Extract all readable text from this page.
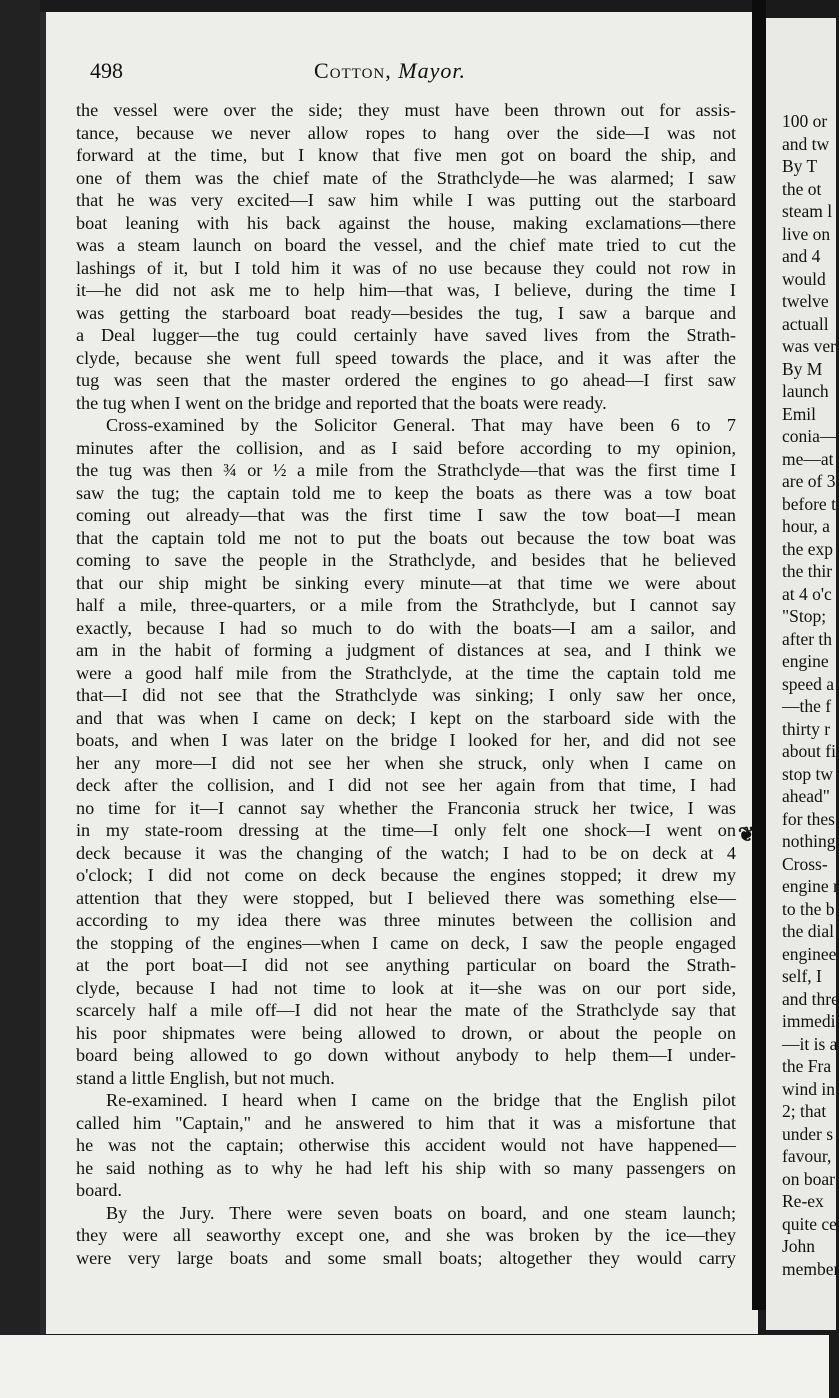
100 or
and tw
By T
the ot
steam l
live on
and 4
would
twelve
actuall
was ver
By M
launch
Emil
conia—
me—at
are of 3
before t
hour, a
the exp
the thir
at 4 o'c
"Stop;
after th
engine
speed a
—the f
thirty r
about fi
stop tw
ahead"
for thes
nothing
Cross-
engine r
to the b
the dial
enginee
self, I
and thre
immedi
—it is a
the Fra
wind in
2; that
under s
favour,
on boar
Re-ex
quite ce
John
member
498	Cotton, Mayor.
the vessel were over the side; they must have been thrown out for assis-
tance, because we never allow ropes to hang over the side—I was not
forward at the time, but I know that five men got on board the ship, and
one of them was the chief mate of the Strathclyde—he was alarmed; I saw
that he was very excited—I saw him while I was putting out the starboard
boat leaning with his back against the house, making exclamations—there
was a steam launch on board the vessel, and the chief mate tried to cut the
lashings of it, but I told him it was of no use because they could not row in
it—he did not ask me to help him—that was, I believe, during the time I
was getting the starboard boat ready—besides the tug, I saw a barque and
a Deal lugger—the tug could certainly have saved lives from the Strath-
clyde, because she went full speed towards the place, and it was after the
tug was seen that the master ordered the engines to go ahead—I first saw
the tug when I went on the bridge and reported that the boats were ready.
Cross-examined by the Solicitor General. That may have been 6 to 7
minutes after the collision, and as I said before according to my opinion,
the tug was then ¾ or ½ a mile from the Strathclyde—that was the first time I
saw the tug; the captain told me to keep the boats as there was a tow boat
coming out already—that was the first time I saw the tow boat—I mean
that the captain told me not to put the boats out because the tow boat was
coming to save the people in the Strathclyde, and besides that he believed
that our ship might be sinking every minute—at that time we were about
half a mile, three-quarters, or a mile from the Strathclyde, but I cannot say
exactly, because I had so much to do with the boats—I am a sailor, and
am in the habit of forming a judgment of distances at sea, and I think we
were a good half mile from the Strathclyde, at the time the captain told me
that—I did not see that the Strathclyde was sinking; I only saw her once,
and that was when I came on deck; I kept on the starboard side with the
boats, and when I was later on the bridge I looked for her, and did not see
her any more—I did not see her when she struck, only when I came on
deck after the collision, and I did not see her again from that time, I had
no time for it—I cannot say whether the Franconia struck her twice, I was
in my state-room dressing at the time—I only felt one shock—I went on
deck because it was the changing of the watch; I had to be on deck at 4
o'clock; I did not come on deck because the engines stopped; it drew my
attention that they were stopped, but I believed there was something else—
according to my idea there was three minutes between the collision and
the stopping of the engines—when I came on deck, I saw the people engaged
at the port boat—I did not see anything particular on board the Strath-
clyde, because I had not time to look at it—she was on our port side,
scarcely half a mile off—I did not hear the mate of the Strathclyde say that
his poor shipmates were being allowed to drown, or about the people on
board being allowed to go down without anybody to help them—I under-
stand a little English, but not much.
Re-examined. I heard when I came on the bridge that the English pilot
called him "Captain," and he answered to him that it was a misfortune that
he was not the captain; otherwise this accident would not have happened—
he said nothing as to why he had left his ship with so many passengers on
board.
By the Jury. There were seven boats on board, and one steam launch;
they were all seaworthy except one, and she was broken by the ice—they
were very large boats and some small boats; altogether they would carry
❦
